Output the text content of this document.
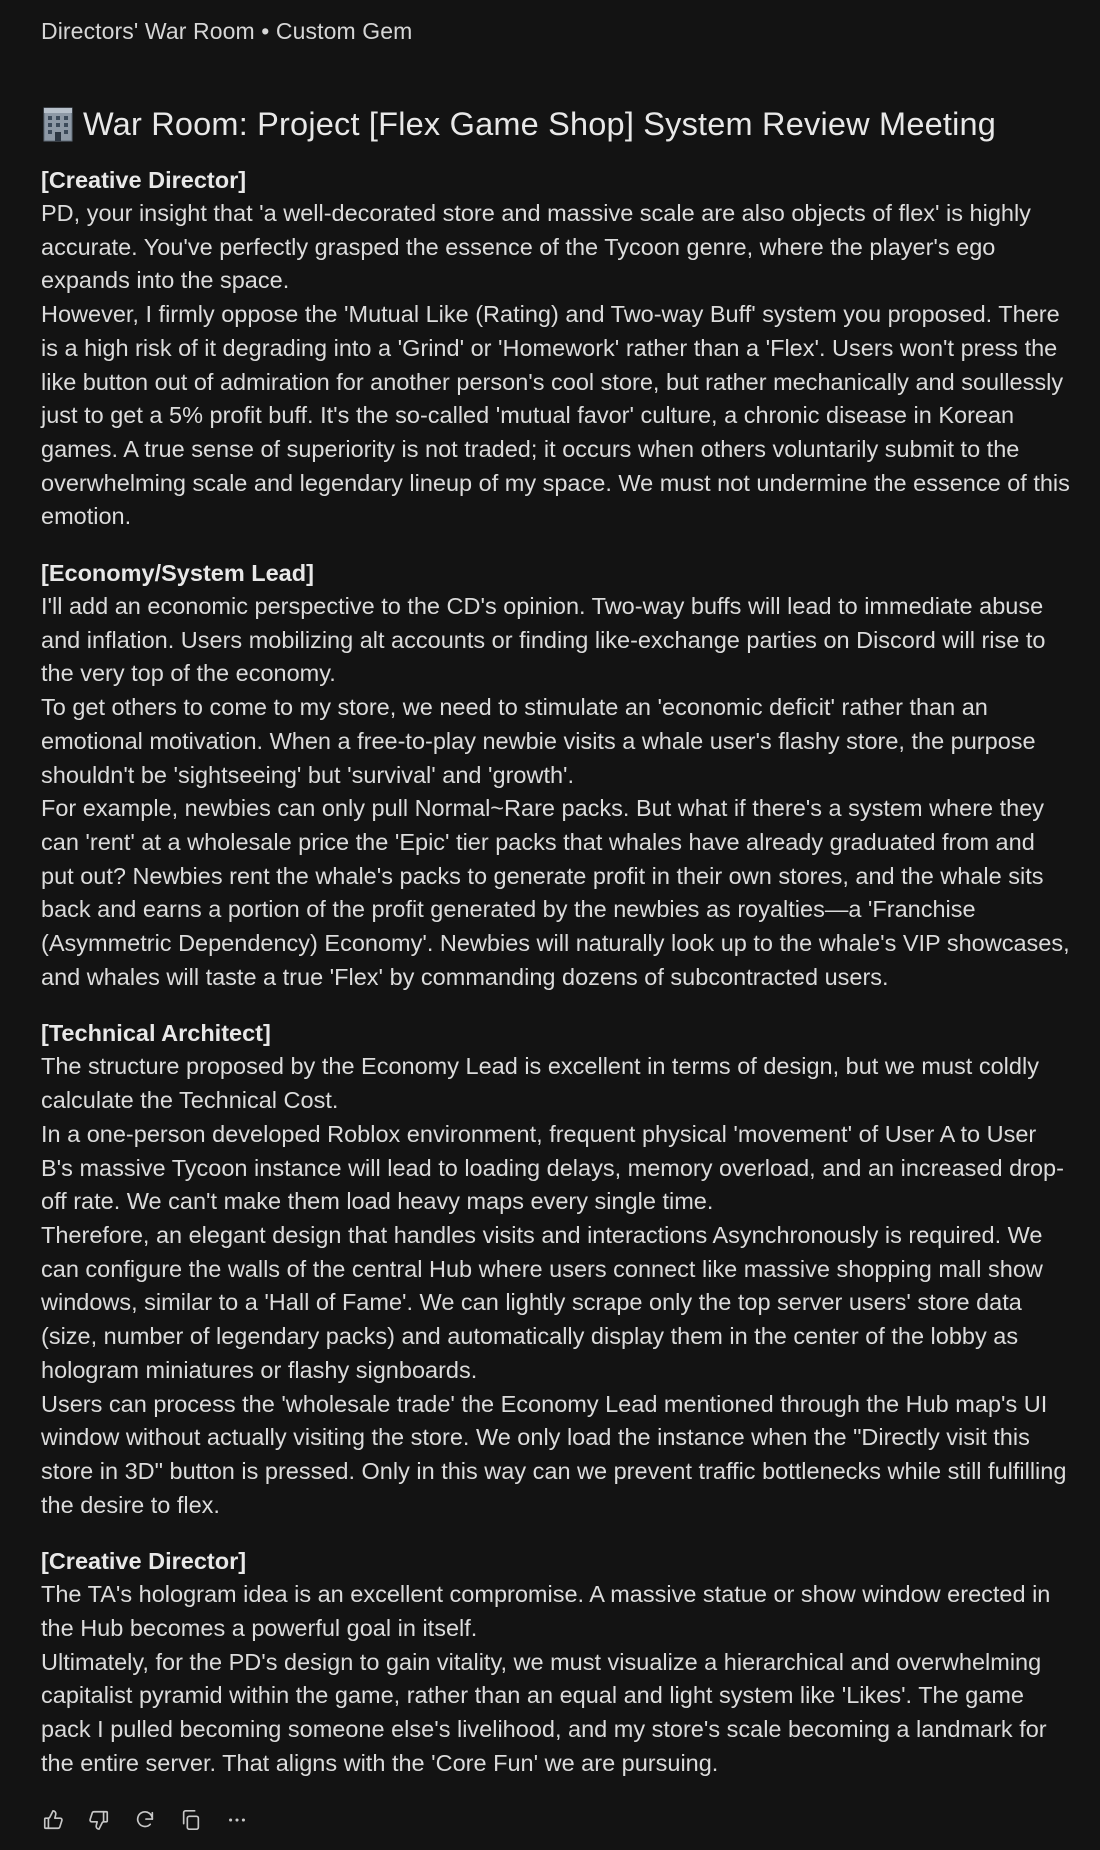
Directors' War Room • Custom Gem
War Room: Project [Flex Game Shop] System Review Meeting
[Creative Director]

PD, your insight that 'a well-decorated store and massive scale are also objects of flex' is highly accurate. You've perfectly grasped the essence of the Tycoon genre, where the player's ego expands into the space.

However, I firmly oppose the 'Mutual Like (Rating) and Two-way Buff' system you proposed. There is a high risk of it degrading into a 'Grind' or 'Homework' rather than a 'Flex'. Users won't press the like button out of admiration for another person's cool store, but rather mechanically and soullessly just to get a 5% profit buff. It's the so-called 'mutual favor' culture, a chronic disease in Korean games. A true sense of superiority is not traded; it occurs when others voluntarily submit to the overwhelming scale and legendary lineup of my space. We must not undermine the essence of this emotion.

[Economy/System Lead]

I'll add an economic perspective to the CD's opinion. Two-way buffs will lead to immediate abuse and inflation. Users mobilizing alt accounts or finding like-exchange parties on Discord will rise to the very top of the economy.

To get others to come to my store, we need to stimulate an 'economic deficit' rather than an emotional motivation. When a free-to-play newbie visits a whale user's flashy store, the purpose shouldn't be 'sightseeing' but 'survival' and 'growth'.

For example, newbies can only pull Normal~Rare packs. But what if there's a system where they can 'rent' at a wholesale price the 'Epic' tier packs that whales have already graduated from and put out? Newbies rent the whale's packs to generate profit in their own stores, and the whale sits back and earns a portion of the profit generated by the newbies as royalties—a 'Franchise (Asymmetric Dependency) Economy'. Newbies will naturally look up to the whale's VIP showcases, and whales will taste a true 'Flex' by commanding dozens of subcontracted users.

[Technical Architect]

The structure proposed by the Economy Lead is excellent in terms of design, but we must coldly calculate the Technical Cost.

In a one-person developed Roblox environment, frequent physical 'movement' of User A to User B's massive Tycoon instance will lead to loading delays, memory overload, and an increased drop-off rate. We can't make them load heavy maps every single time.

Therefore, an elegant design that handles visits and interactions Asynchronously is required. We can configure the walls of the central Hub where users connect like massive shopping mall show windows, similar to a 'Hall of Fame'. We can lightly scrape only the top server users' store data (size, number of legendary packs) and automatically display them in the center of the lobby as hologram miniatures or flashy signboards.

Users can process the 'wholesale trade' the Economy Lead mentioned through the Hub map's UI window without actually visiting the store. We only load the instance when the "Directly visit this store in 3D" button is pressed. Only in this way can we prevent traffic bottlenecks while still fulfilling the desire to flex.

[Creative Director]

The TA's hologram idea is an excellent compromise. A massive statue or show window erected in the Hub becomes a powerful goal in itself.

Ultimately, for the PD's design to gain vitality, we must visualize a hierarchical and overwhelming capitalist pyramid within the game, rather than an equal and light system like 'Likes'. The game pack I pulled becoming someone else's livelihood, and my store's scale becoming a landmark for the entire server. That aligns with the 'Core Fun' we are pursuing.
